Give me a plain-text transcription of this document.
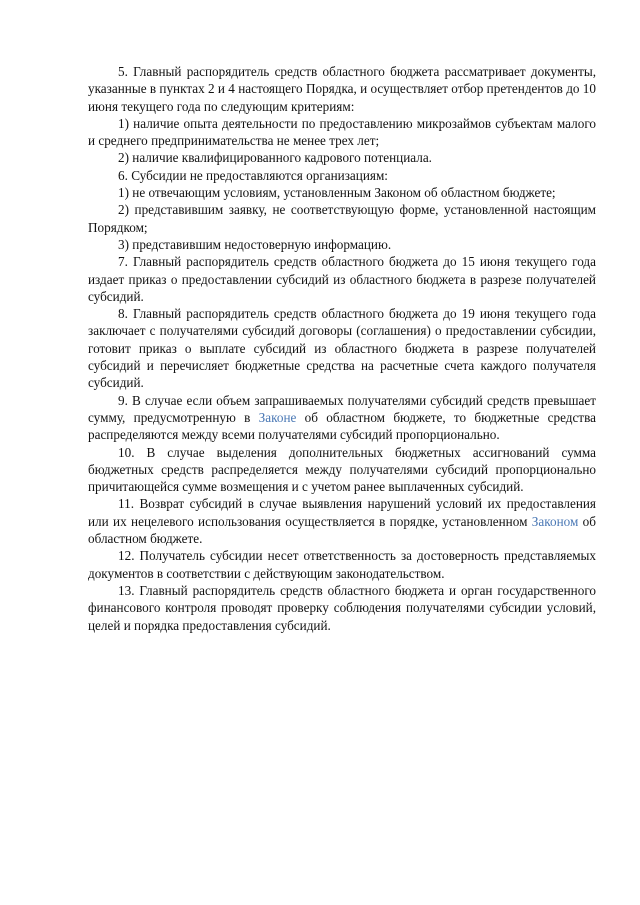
5. Главный распорядитель средств областного бюджета рассматривает документы, указанные в пунктах 2 и 4 настоящего Порядка, и осуществляет отбор претендентов до 10 июня текущего года по следующим критериям:

1) наличие опыта деятельности по предоставлению микрозаймов субъектам малого и среднего предпринимательства не менее трех лет;

2) наличие квалифицированного кадрового потенциала.

6. Субсидии не предоставляются организациям:

1) не отвечающим условиям, установленным Законом об областном бюджете;

2) представившим заявку, не соответствующую форме, установленной настоящим Порядком;

3) представившим недостоверную информацию.

7. Главный распорядитель средств областного бюджета до 15 июня текущего года издает приказ о предоставлении субсидий из областного бюджета в разрезе получателей субсидий.

8. Главный распорядитель средств областного бюджета до 19 июня текущего года заключает с получателями субсидий договоры (соглашения) о предоставлении субсидии, готовит приказ о выплате субсидий из областного бюджета в разрезе получателей субсидий и перечисляет бюджетные средства на расчетные счета каждого получателя субсидий.

9. В случае если объем запрашиваемых получателями субсидий средств превышает сумму, предусмотренную в Законе об областном бюджете, то бюджетные средства распределяются между всеми получателями субсидий пропорционально.

10. В случае выделения дополнительных бюджетных ассигнований сумма бюджетных средств распределяется между получателями субсидий пропорционально причитающейся сумме возмещения и с учетом ранее выплаченных субсидий.

11. Возврат субсидий в случае выявления нарушений условий их предоставления или их нецелевого использования осуществляется в порядке, установленном Законом об областном бюджете.

12. Получатель субсидии несет ответственность за достоверность представляемых документов в соответствии с действующим законодательством.

13. Главный распорядитель средств областного бюджета и орган государственного финансового контроля проводят проверку соблюдения получателями субсидии условий, целей и порядка предоставления субсидий.
